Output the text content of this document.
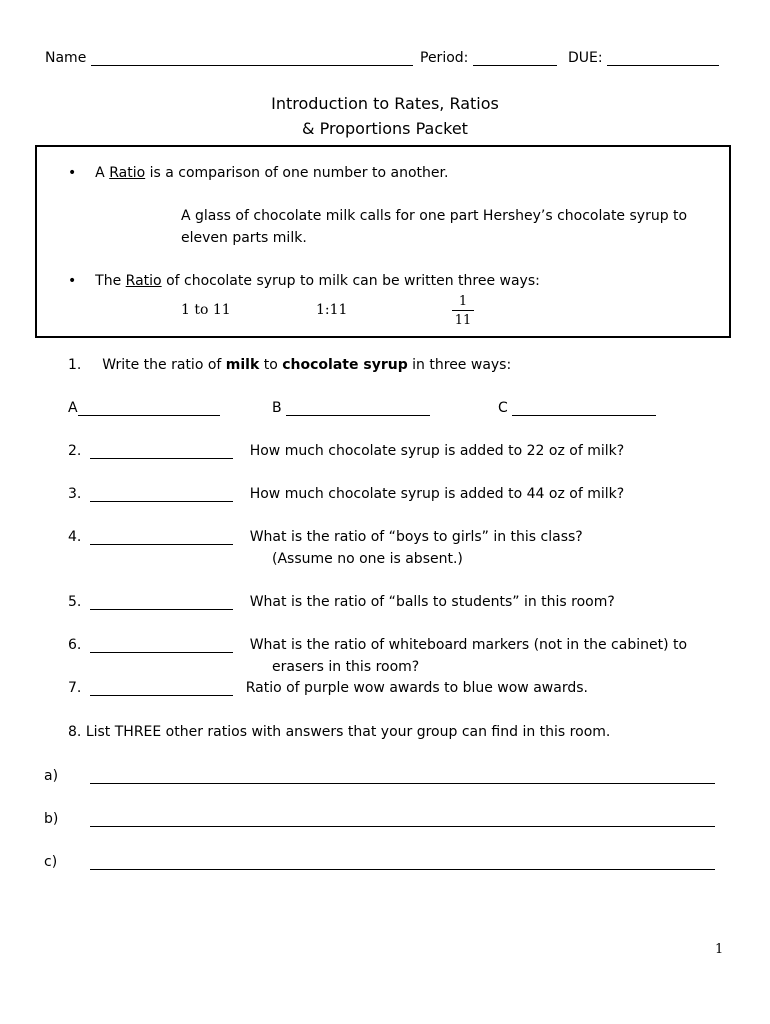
Name	Period:	DUE:
Introduction to Rates, Ratios
& Proportions Packet
• A Ratio is a comparison of one number to another.
A glass of chocolate milk calls for one part Hershey’s chocolate syrup to
eleven parts milk.
• The Ratio of chocolate syrup to milk can be written three ways:
1 to 11	1:11
1
11
1. Write the ratio of milk to chocolate syrup in three ways:
A	B	C
2.	How much chocolate syrup is added to 22 oz of milk?
3.	How much chocolate syrup is added to 44 oz of milk?
4.	What is the ratio of “boys to girls” in this class?
(Assume no one is absent.)
5.	What is the ratio of “balls to students” in this room?
6.	What is the ratio of whiteboard markers (not in the cabinet) to
erasers in this room?
7.	Ratio of purple wow awards to blue wow awards.
8. List THREE other ratios with answers that your group can find in this room.
a)
b)
c)
1
